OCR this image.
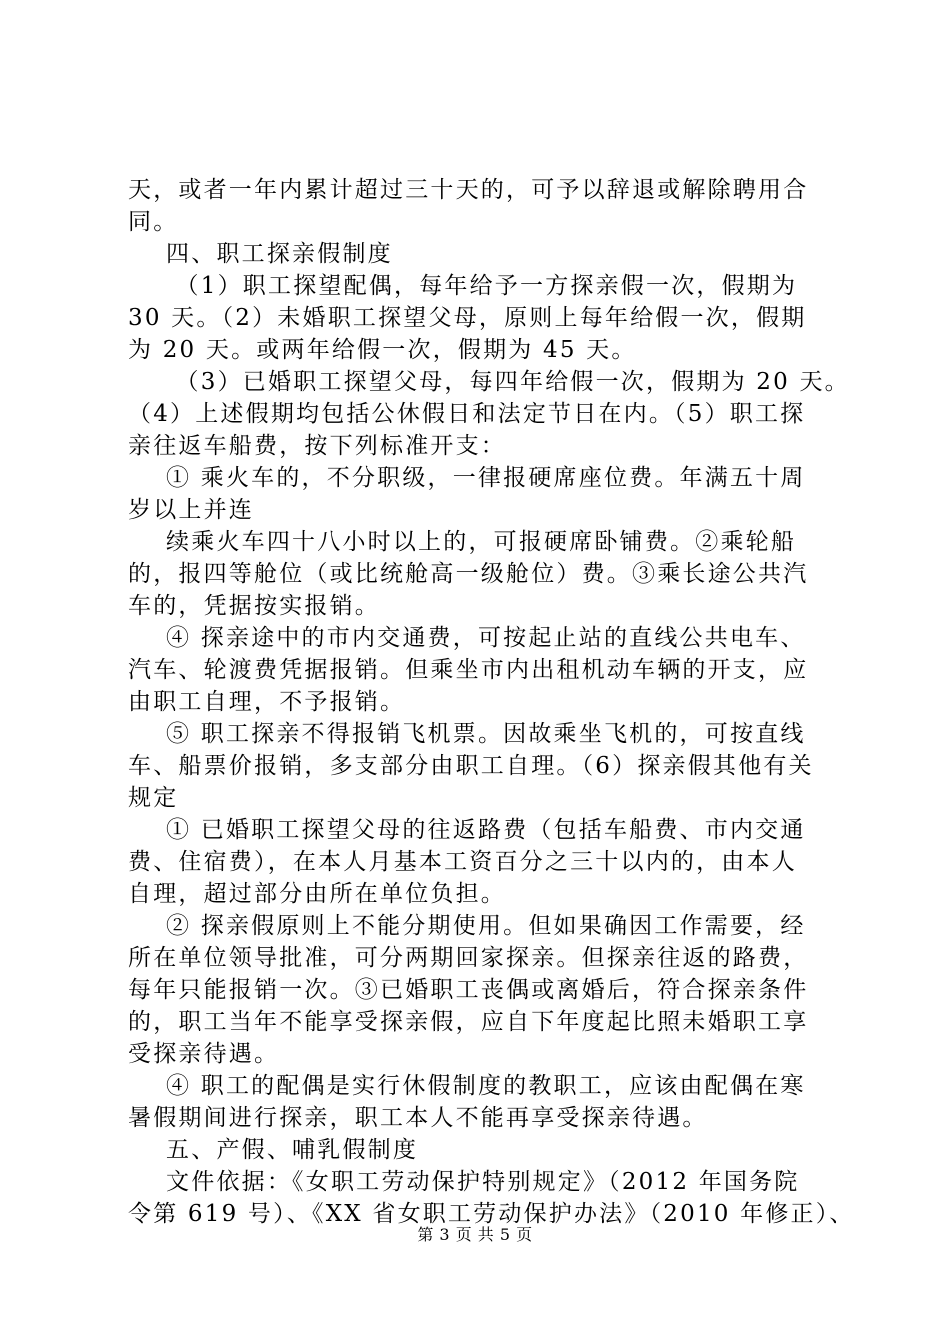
天，或者一年内累计超过三十天的，可予以辞退或解除聘用合

同。

四、职工探亲假制度

（1）职工探望配偶，每年给予一方探亲假一次，假期为

30 天。（2）未婚职工探望父母，原则上每年给假一次，假期

为 20 天。或两年给假一次，假期为 45 天。

（3）已婚职工探望父母，每四年给假一次，假期为 20 天。

（4）上述假期均包括公休假日和法定节日在内。（5）职工探

亲往返车船费，按下列标准开支：

① 乘火车的，不分职级，一律报硬席座位费。年满五十周

岁以上并连

续乘火车四十八小时以上的，可报硬席卧铺费。②乘轮船

的，报四等舱位（或比统舱高一级舱位）费。③乘长途公共汽

车的，凭据按实报销。

④ 探亲途中的市内交通费，可按起止站的直线公共电车、

汽车、轮渡费凭据报销。但乘坐市内出租机动车辆的开支，应

由职工自理，不予报销。

⑤ 职工探亲不得报销飞机票。因故乘坐飞机的，可按直线

车、船票价报销，多支部分由职工自理。（6）探亲假其他有关

规定

① 已婚职工探望父母的往返路费（包括车船费、市内交通

费、住宿费），在本人月基本工资百分之三十以内的，由本人

自理，超过部分由所在单位负担。

② 探亲假原则上不能分期使用。但如果确因工作需要，经

所在单位领导批准，可分两期回家探亲。但探亲往返的路费，

每年只能报销一次。③已婚职工丧偶或离婚后，符合探亲条件

的，职工当年不能享受探亲假，应自下年度起比照未婚职工享

受探亲待遇。

④ 职工的配偶是实行休假制度的教职工，应该由配偶在寒

暑假期间进行探亲，职工本人不能再享受探亲待遇。

五、产假、哺乳假制度

文件依据：《女职工劳动保护特别规定》（2012 年国务院

令第 619 号）、《XX 省女职工劳动保护办法》（2010 年修正）、

第 3 页 共 5 页
